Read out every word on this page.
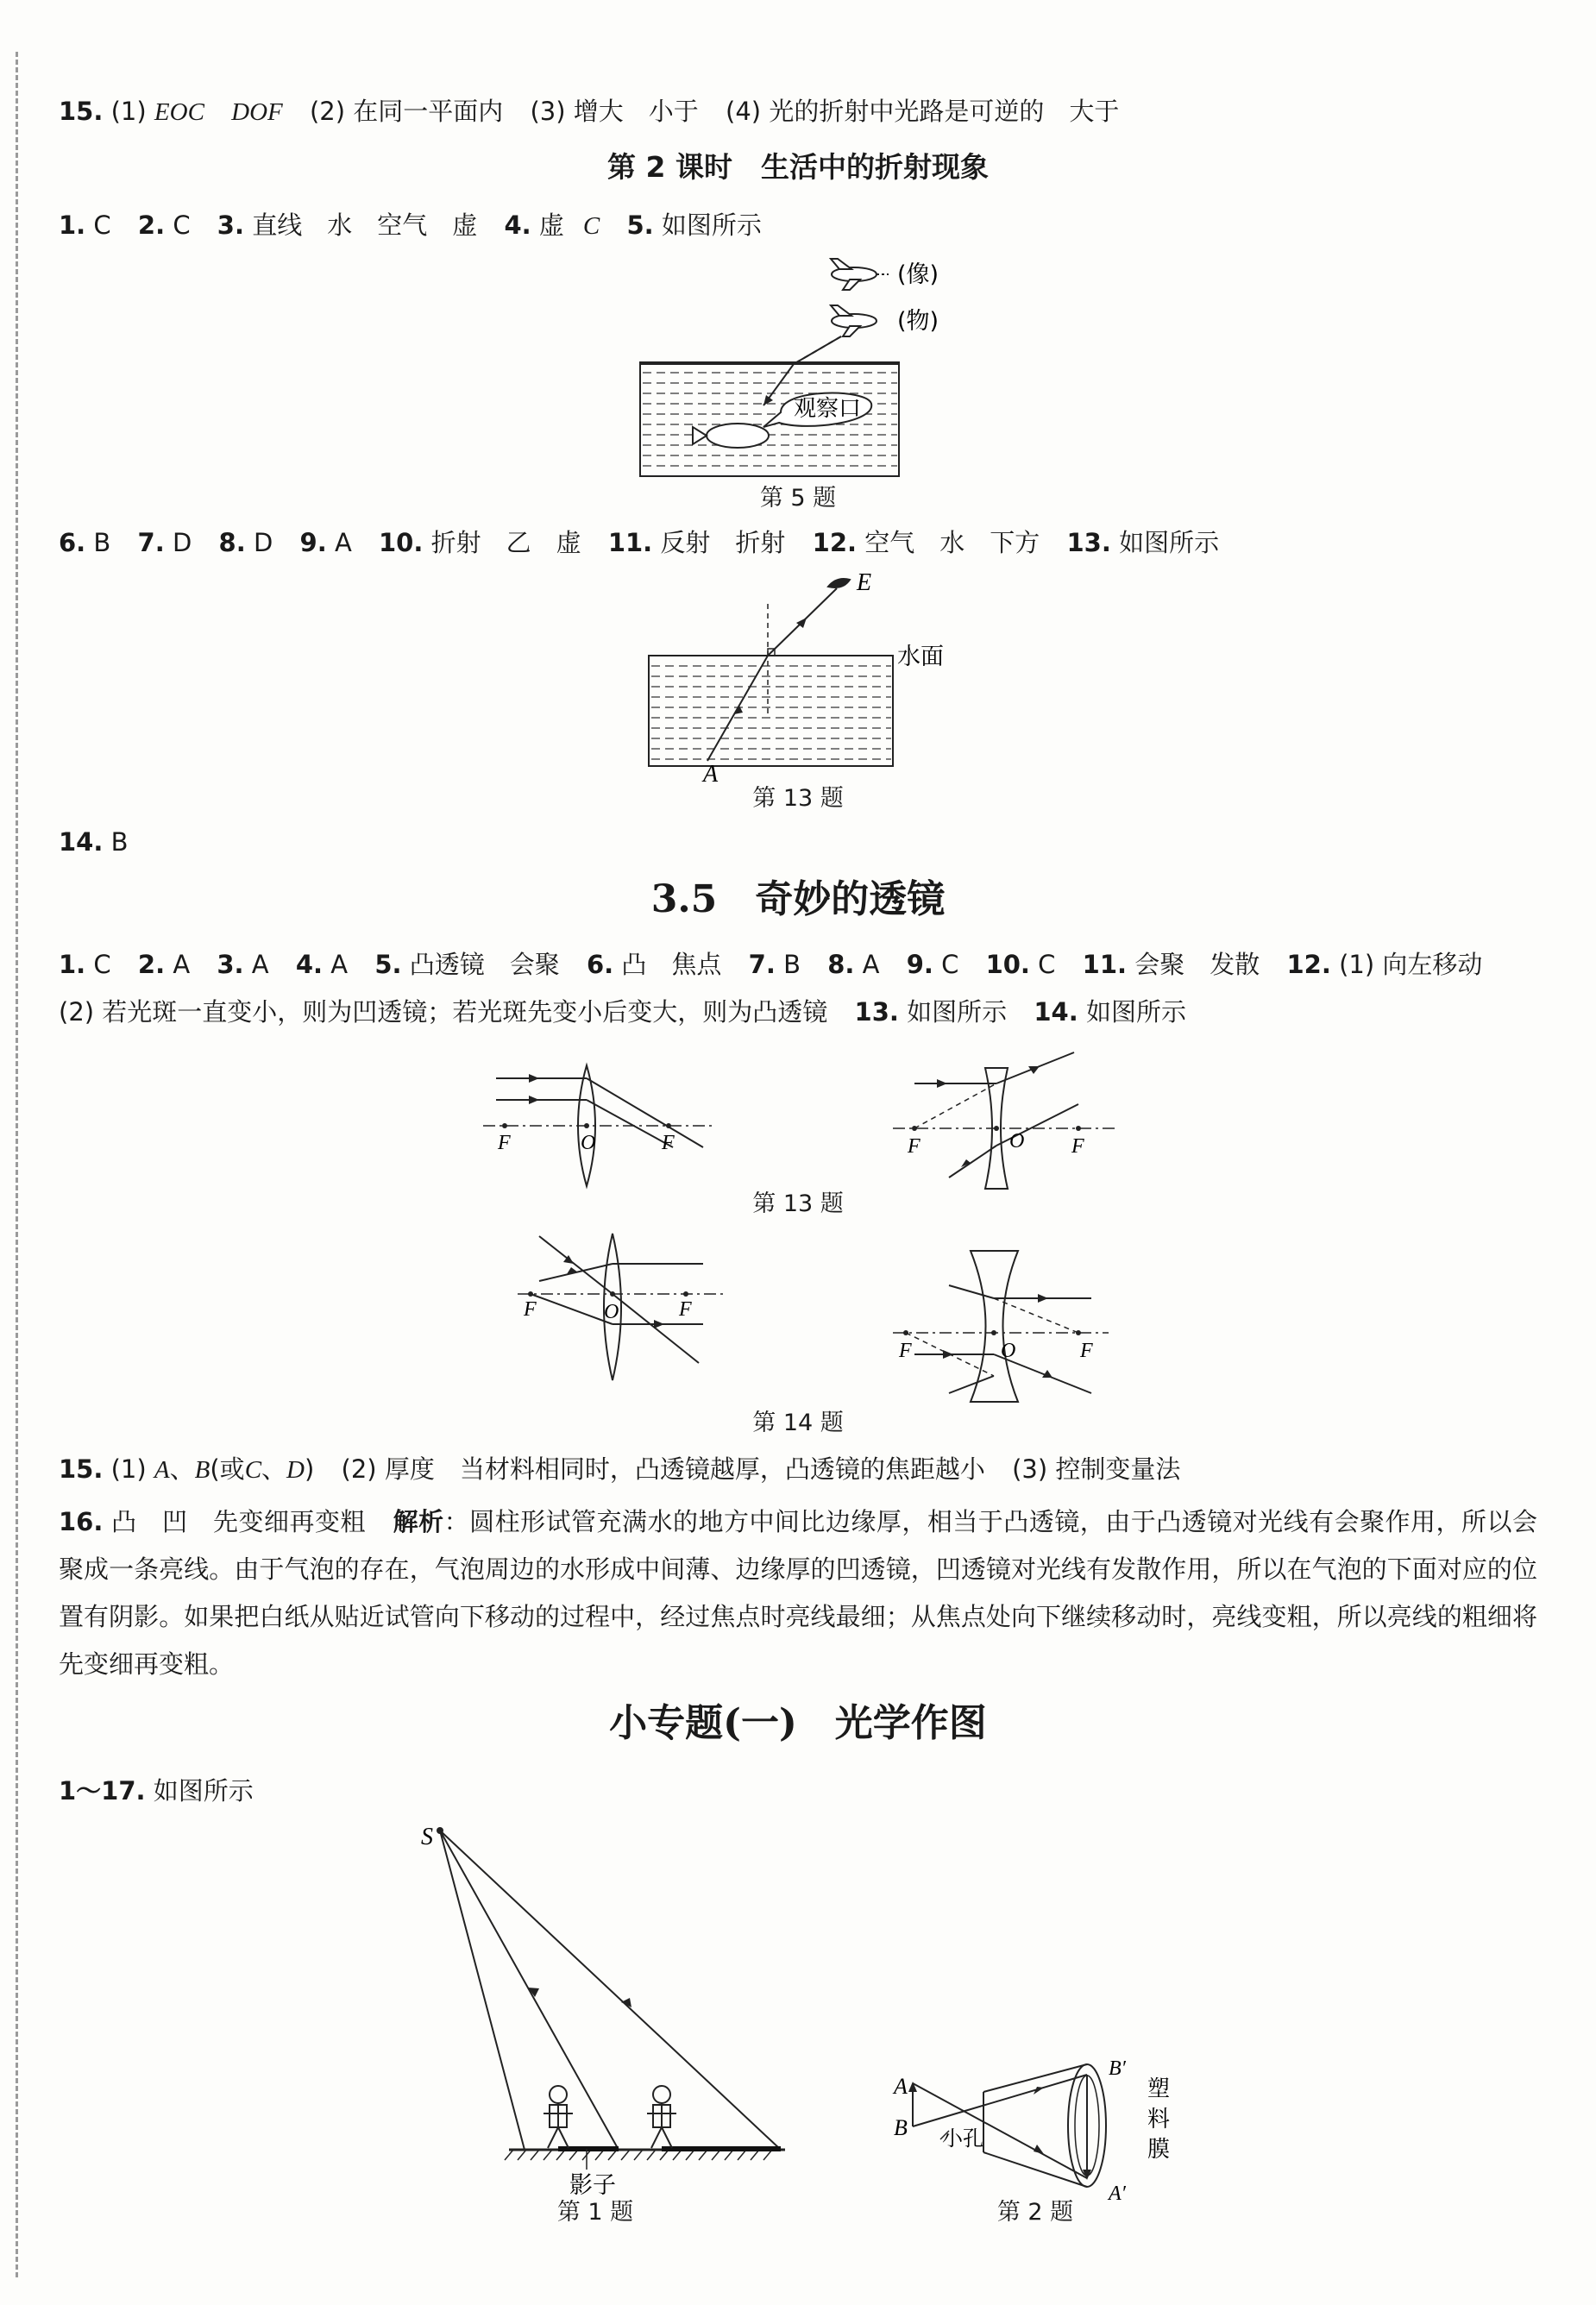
15. (1) EOC DOF (2) 在同一平面内 (3) 增大　小于 (4) 光的折射中光路是可逆的　大于
第 2 课时　生活中的折射现象
1. C 2. C 3. 直线　水　空气　虚 4. 虚 C 5. 如图所示
(像)
(物)
观察口
第 5 题
6. B 7. D 8. D 9. A 10. 折射　乙　虚 11. 反射　折射 12. 空气　水　下方 13. 如图所示
E
水面
A
第 13 题
14. B
3.5　奇妙的透镜
1. C 2. A 3. A 4. A 5. 凸透镜　会聚 6. 凸　焦点 7. B 8. A 9. C 10. C 11. 会聚　发散 12. (1) 向左移动
(2) 若光斑一直变小，则为凹透镜；若光斑先变小后变大，则为凸透镜 13. 如图所示 14. 如图所示
F	O	F	F	O F
第 13 题
F	O	F
F	O	F
第 14 题
15. (1) A、B(或C、D) (2) 厚度　当材料相同时，凸透镜越厚，凸透镜的焦距越小 (3) 控制变量法
16. 凸　凹　先变细再变粗 解析：圆柱形试管充满水的地方中间比边缘厚，相当于凸透镜，由于凸透镜对光线有会聚作用，所以会聚成一条亮线。由于气泡的存在，气泡周边的水形成中间薄、边缘厚的凹透镜，凹透镜对光线有发散作用，所以在气泡的下面对应的位置有阴影。如果把白纸从贴近试管向下移动的过程中，经过焦点时亮线最细；从焦点处向下继续移动时，亮线变粗，所以亮线的粗细将先变细再变粗。
小专题(一)　光学作图
1～17. 如图所示
S
影子
第 1 题
A
B 小孔
B′
A′
塑
料
膜
第 2 题
